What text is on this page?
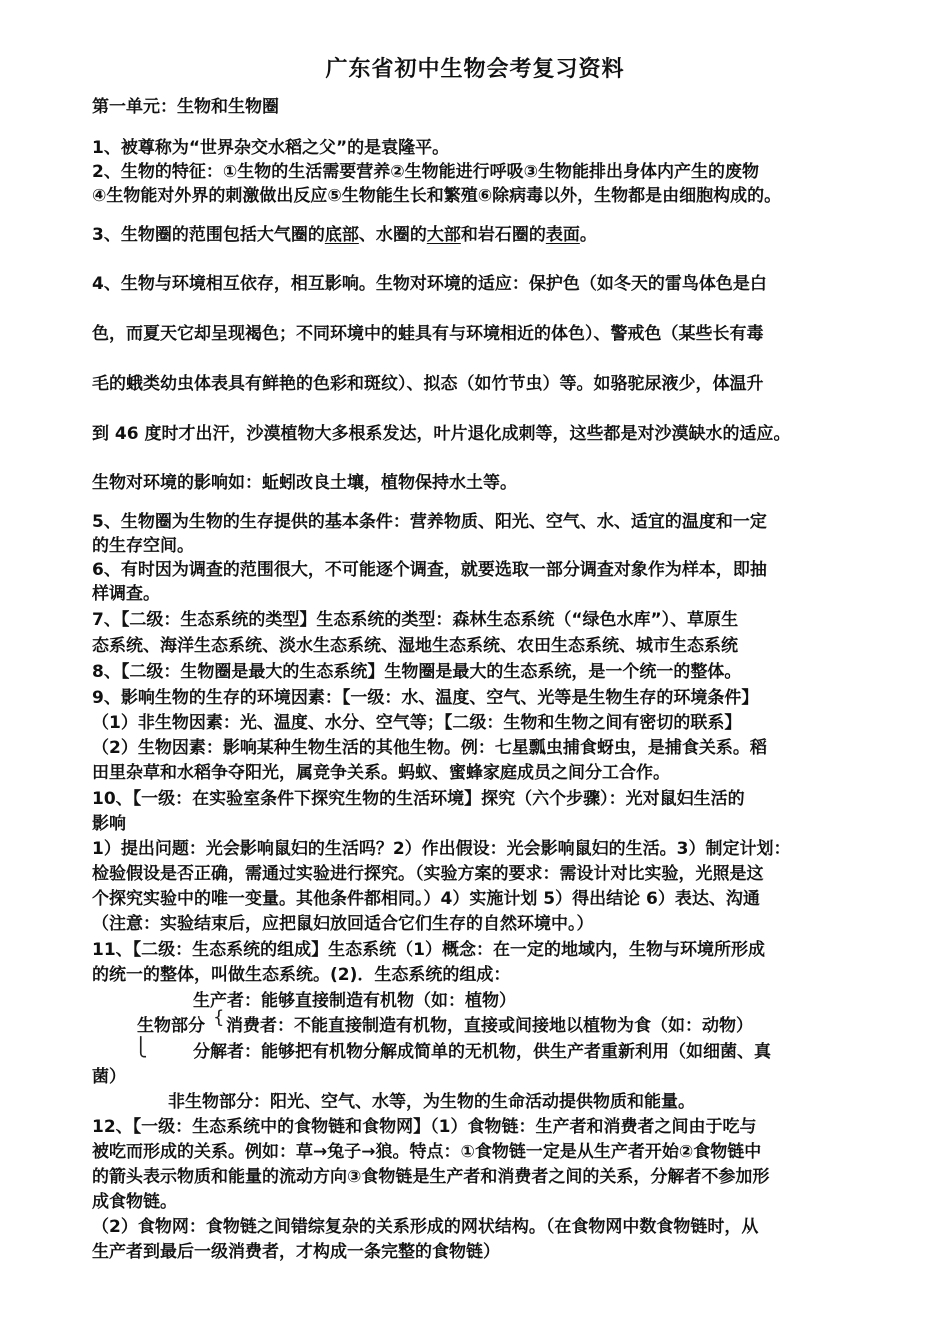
广东省初中生物会考复习资料
第一单元：生物和生物圈
1、被尊称为“世界杂交水稻之父”的是袁隆平。
2、生物的特征：①生物的生活需要营养②生物能进行呼吸③生物能排出身体内产生的废物
④生物能对外界的刺激做出反应⑤生物能生长和繁殖⑥除病毒以外，生物都是由细胞构成的。
3、生物圈的范围包括大气圈的底部、水圈的大部和岩石圈的表面。
4、生物与环境相互依存，相互影响。生物对环境的适应：保护色（如冬天的雷鸟体色是白
色，而夏天它却呈现褐色；不同环境中的蛙具有与环境相近的体色）、警戒色（某些长有毒
毛的蛾类幼虫体表具有鲜艳的色彩和斑纹）、拟态（如竹节虫）等。如骆驼尿液少，体温升
到 46 度时才出汗，沙漠植物大多根系发达，叶片退化成刺等，这些都是对沙漠缺水的适应。
生物对环境的影响如：蚯蚓改良土壤，植物保持水土等。
5、生物圈为生物的生存提供的基本条件：营养物质、阳光、空气、水、适宜的温度和一定
的生存空间。
6、有时因为调查的范围很大，不可能逐个调查，就要选取一部分调查对象作为样本，即抽
样调查。
7、【二级：生态系统的类型】生态系统的类型：森林生态系统（“绿色水库”）、草原生
态系统、海洋生态系统、淡水生态系统、湿地生态系统、农田生态系统、城市生态系统
8、【二级：生物圈是最大的生态系统】生物圈是最大的生态系统，是一个统一的整体。
9、影响生物的生存的环境因素：【一级：水、温度、空气、光等是生物生存的环境条件】
（1）非生物因素：光、温度、水分、空气等；【二级：生物和生物之间有密切的联系】
（2）生物因素：影响某种生物生活的其他生物。例：七星瓢虫捕食蚜虫，是捕食关系。稻
田里杂草和水稻争夺阳光，属竞争关系。蚂蚁、蜜蜂家庭成员之间分工合作。
10、【一级：在实验室条件下探究生物的生活环境】探究（六个步骤）：光对鼠妇生活的
影响
1）提出问题：光会影响鼠妇的生活吗？2）作出假设：光会影响鼠妇的生活。3）制定计划：
检验假设是否正确，需通过实验进行探究。（实验方案的要求：需设计对比实验，光照是这
个探究实验中的唯一变量。其他条件都相同。）4）实施计划 5）得出结论 6）表达、沟通
（注意：实验结束后，应把鼠妇放回适合它们生存的自然环境中。）
11、【二级：生态系统的组成】生态系统（1）概念：在一定的地域内，生物与环境所形成
的统一的整体，叫做生态系统。(2)．生态系统的组成：
生产者：能够直接制造有机物（如：植物）
{
生物部分	消费者：不能直接制造有机物，直接或间接地以植物为食（如：动物）
⎩	分解者：能够把有机物分解成简单的无机物，供生产者重新利用（如细菌、真
菌）
非生物部分：阳光、空气、水等，为生物的生命活动提供物质和能量。
12、【一级：生态系统中的食物链和食物网】（1）食物链：生产者和消费者之间由于吃与
被吃而形成的关系。例如：草→兔子→狼。特点：①食物链一定是从生产者开始②食物链中
的箭头表示物质和能量的流动方向③食物链是生产者和消费者之间的关系，分解者不参加形
成食物链。
（2）食物网：食物链之间错综复杂的关系形成的网状结构。（在食物网中数食物链时，从
生产者到最后一级消费者，才构成一条完整的食物链）
